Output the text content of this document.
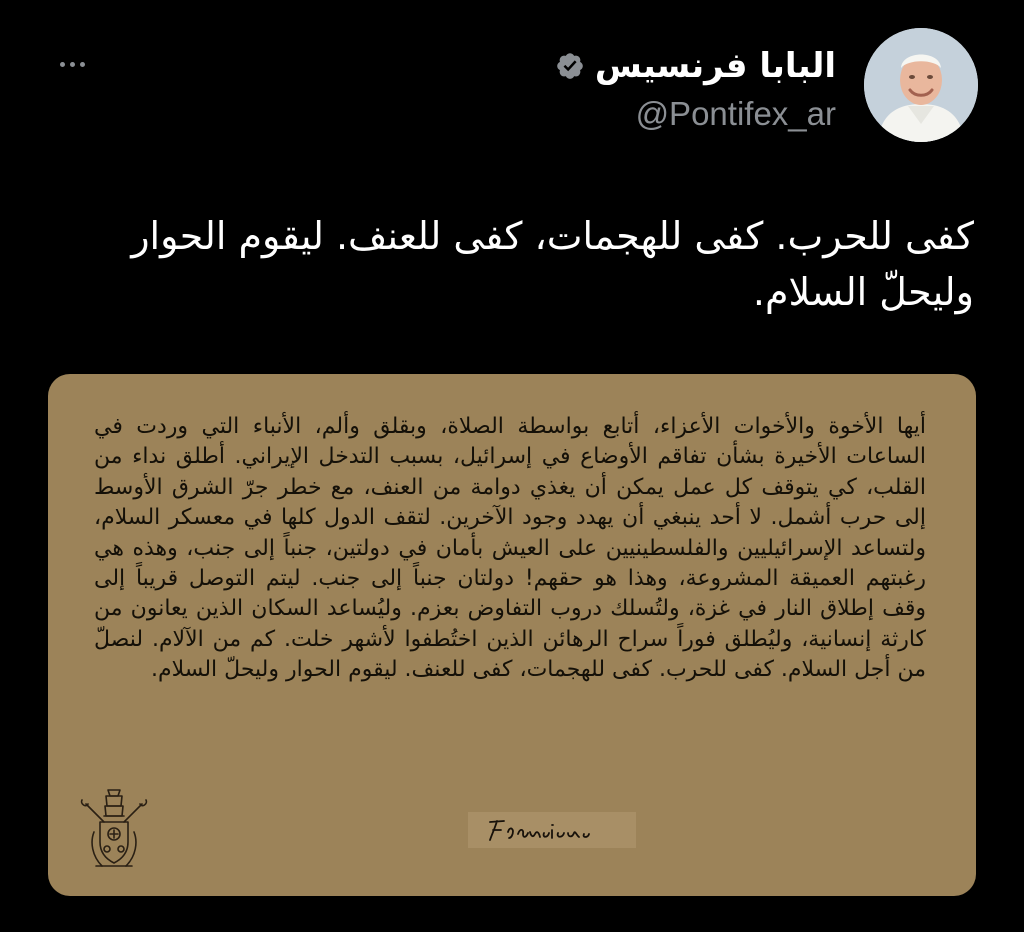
البابا فرنسيس
@Pontifex_ar
كفى للحرب. كفى للهجمات، كفى للعنف. ليقوم الحوار وليحلّ السلام.
أيها الأخوة والأخوات الأعزاء، أتابع بواسطة الصلاة، وبقلق وألم، الأنباء التي وردت في الساعات الأخيرة بشأن تفاقم الأوضاع في إسرائيل، بسبب التدخل الإيراني. أطلق نداء من القلب، كي يتوقف كل عمل يمكن أن يغذي دوامة من العنف، مع خطر جرّ الشرق الأوسط إلى حرب أشمل. لا أحد ينبغي أن يهدد وجود الآخرين. لتقف الدول كلها في معسكر السلام، ولتساعد الإسرائيليين والفلسطينيين على العيش بأمان في دولتين، جنباً إلى جنب، وهذه هي رغبتهم العميقة المشروعة، وهذا هو حقهم! دولتان جنباً إلى جنب. ليتم التوصل قريباً إلى وقف إطلاق النار في غزة، ولتُسلك دروب التفاوض بعزم. وليُساعد السكان الذين يعانون من كارثة إنسانية، وليُطلق فوراً سراح الرهائن الذين اختُطفوا لأشهر خلت. كم من الآلام. لنصلّ من أجل السلام. كفى للحرب. كفى للهجمات، كفى للعنف. ليقوم الحوار وليحلّ السلام.
